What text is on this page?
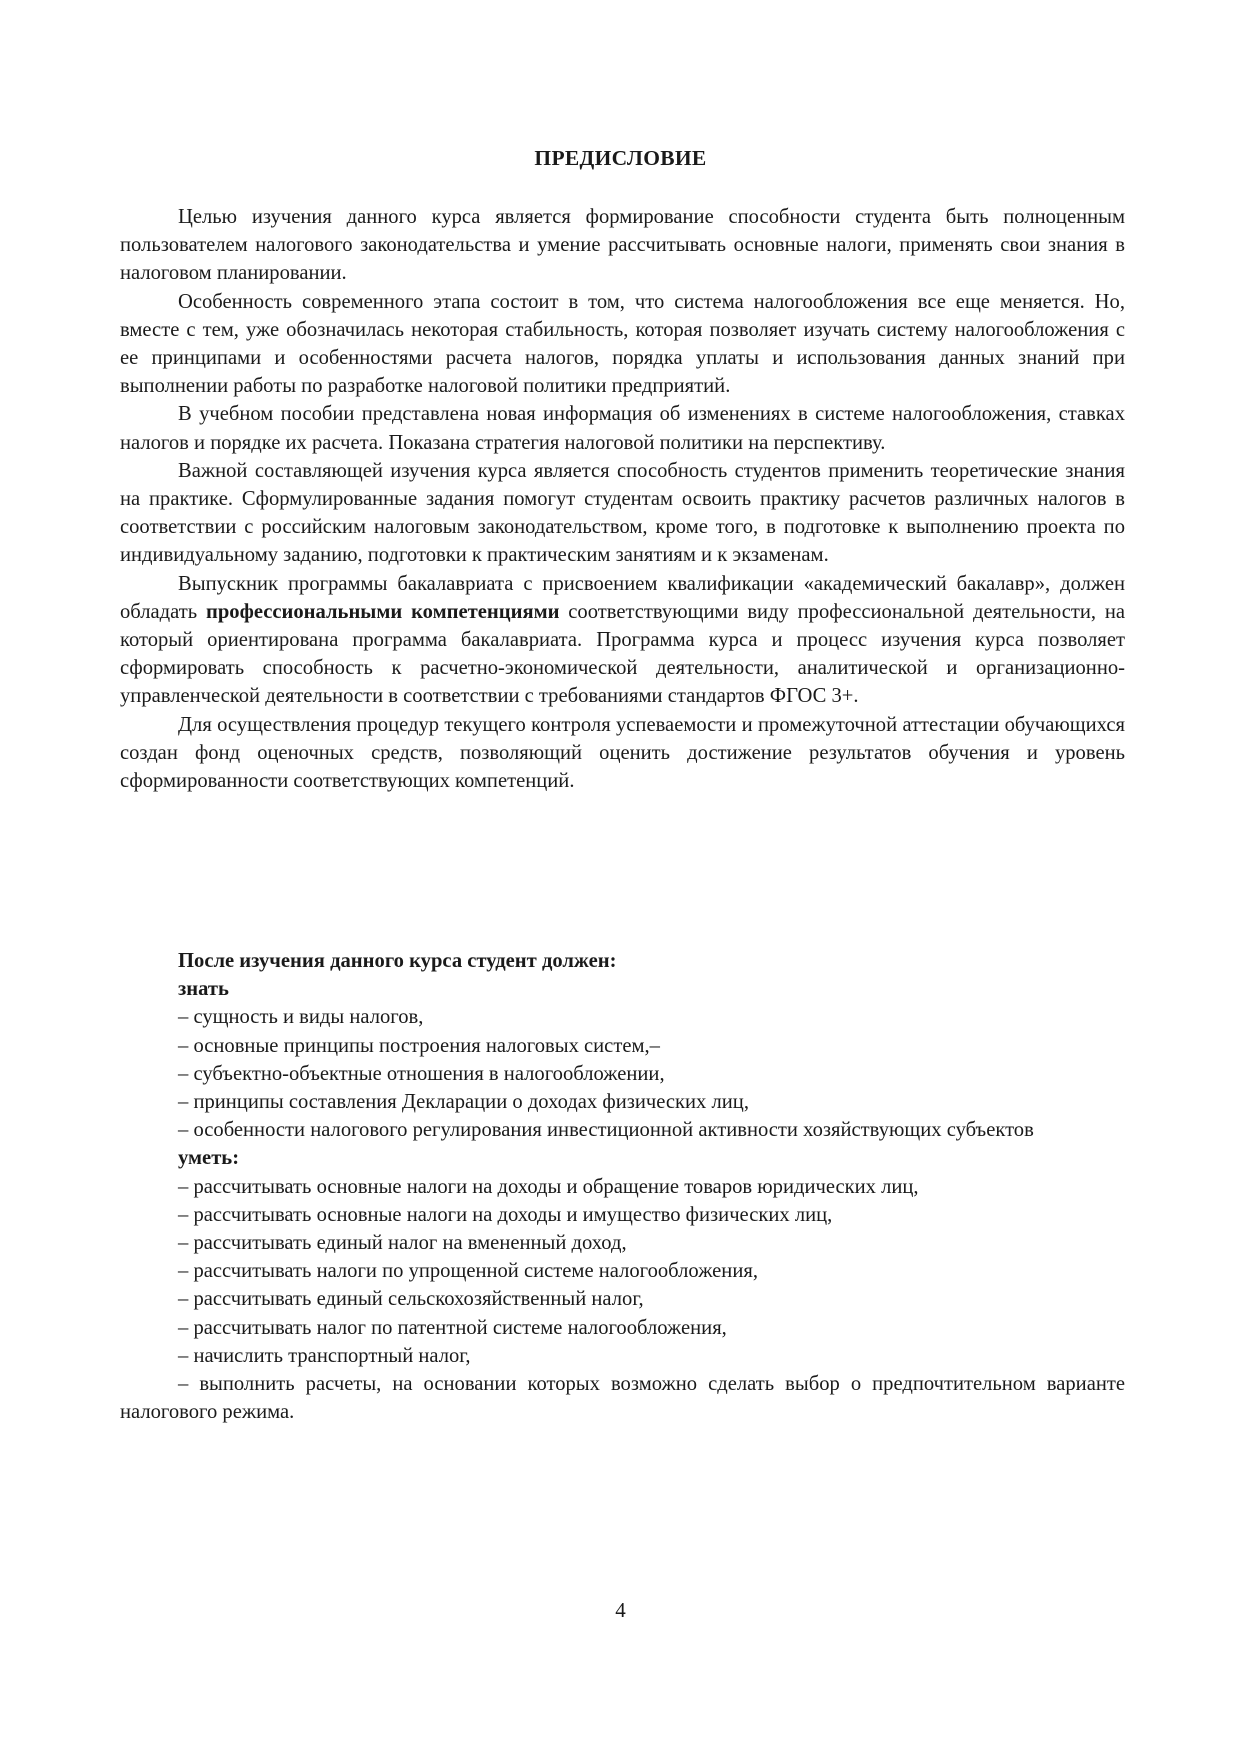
ПРЕДИСЛОВИЕ

Целью изучения данного курса является формирование способности студента быть полноценным пользователем налогового законодательства и умение рассчитывать основные налоги, применять свои знания в налоговом планировании.

Особенность современного этапа состоит в том, что система налогообложения все еще меняется. Но, вместе с тем, уже обозначилась некоторая стабильность, которая позволяет изучать систему налогообложения с ее принципами и особенностями расчета налогов, порядка уплаты и использования данных знаний при выполнении работы по разработке налоговой политики предприятий.

В учебном пособии представлена новая информация об изменениях в системе налогообложения, ставках налогов и порядке их расчета. Показана стратегия налоговой политики на перспективу.

Важной составляющей изучения курса является способность студентов применить теоретические знания на практике. Сформулированные задания помогут студентам освоить практику расчетов различных налогов в соответствии с российским налоговым законодательством, кроме того, в подготовке к выполнению проекта по индивидуальному заданию, подготовки к практическим занятиям и к экзаменам.

Выпускник программы бакалавриата с присвоением квалификации «академический бакалавр», должен обладать профессиональными компетенциями соответствующими виду профессиональной деятельности, на который ориентирована программа бакалавриата. Программа курса и процесс изучения курса позволяет сформировать способность к расчетно-экономической деятельности, аналитической и организационно-управленческой деятельности в соответствии с требованиями стандартов ФГОС 3+.

Для осуществления процедур текущего контроля успеваемости и промежуточной аттестации обучающихся создан фонд оценочных средств, позволяющий оценить достижение результатов обучения и уровень сформированности соответствующих компетенций.

После изучения данного курса студент должен:
знать
– сущность и виды налогов,
– основные принципы построения налоговых систем,–
– субъектно-объектные отношения в налогообложении,
– принципы составления Декларации о доходах физических лиц,
– особенности налогового регулирования инвестиционной активности хозяйствующих субъектов
уметь:
– рассчитывать основные налоги на доходы и обращение товаров юридических лиц,
– рассчитывать основные налоги на доходы и имущество физических лиц,
– рассчитывать единый налог на вмененный доход,
– рассчитывать налоги по упрощенной системе налогообложения,
– рассчитывать единый сельскохозяйственный налог,
– рассчитывать налог по патентной системе налогообложения,
– начислить транспортный налог,
– выполнить расчеты, на основании которых возможно сделать выбор о предпочтительном варианте налогового режима.
4
